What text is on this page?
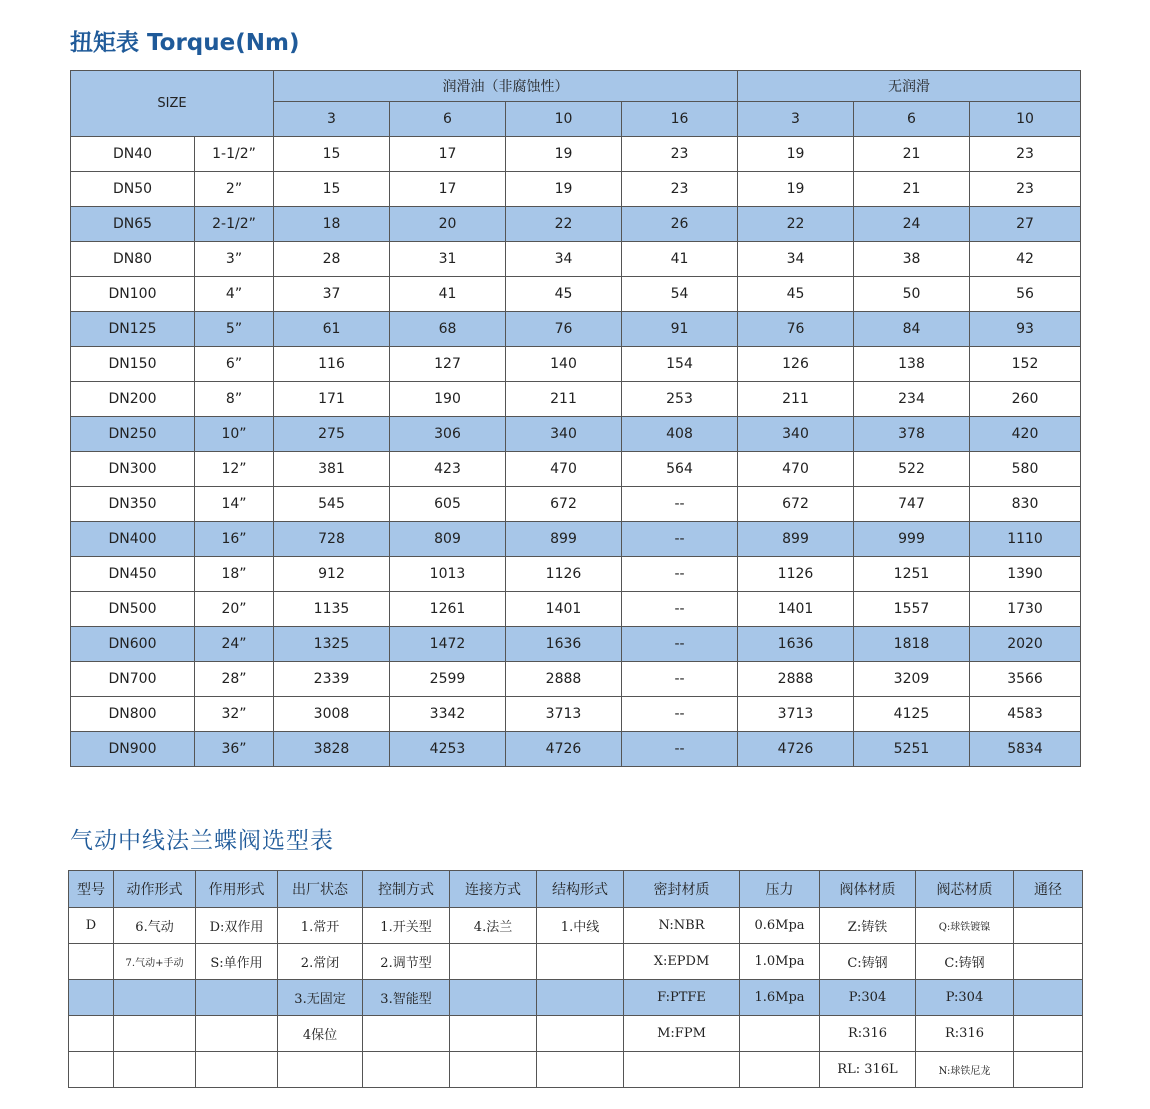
扭矩表 Torque(Nm)
SIZE		润滑油（非腐蚀性）				无润滑		
		3	6	10	16	3	6	10
DN40	1-1/2”	15	17	19	23	19	21	23
DN50	2”	15	17	19	23	19	21	23
DN65	2-1/2”	18	20	22	26	22	24	27
DN80	3”	28	31	34	41	34	38	42
DN100	4”	37	41	45	54	45	50	56
DN125	5”	61	68	76	91	76	84	93
DN150	6”	116	127	140	154	126	138	152
DN200	8”	171	190	211	253	211	234	260
DN250	10”	275	306	340	408	340	378	420
DN300	12”	381	423	470	564	470	522	580
DN350	14”	545	605	672	--	672	747	830
DN400	16”	728	809	899	--	899	999	1110
DN450	18”	912	1013	1126	--	1126	1251	1390
DN500	20”	1135	1261	1401	--	1401	1557	1730
DN600	24”	1325	1472	1636	--	1636	1818	2020
DN700	28”	2339	2599	2888	--	2888	3209	3566
DN800	32”	3008	3342	3713	--	3713	4125	4583
DN900	36”	3828	4253	4726	--	4726	5251	5834
气动中线法兰蝶阀选型表
型号	动作形式	作用形式	出厂状态	控制方式	连接方式	结构形式	密封材质	压力	阀体材质	阀芯材质	通径
D	6.气动	D:双作用	1.常开	1.开关型	4.法兰	1.中线	N:NBR	0.6Mpa	Z:铸铁	Q:球铁镀镍	
	7.气动+手动	S:单作用	2.常闭	2.调节型			X:EPDM	1.0Mpa	C:铸钢	C:铸钢	
			3.无固定	3.智能型			F:PTFE	1.6Mpa	P:304	P:304	
			4保位				M:FPM		R:316	R:316	
									RL: 316L	N:球铁尼龙	
